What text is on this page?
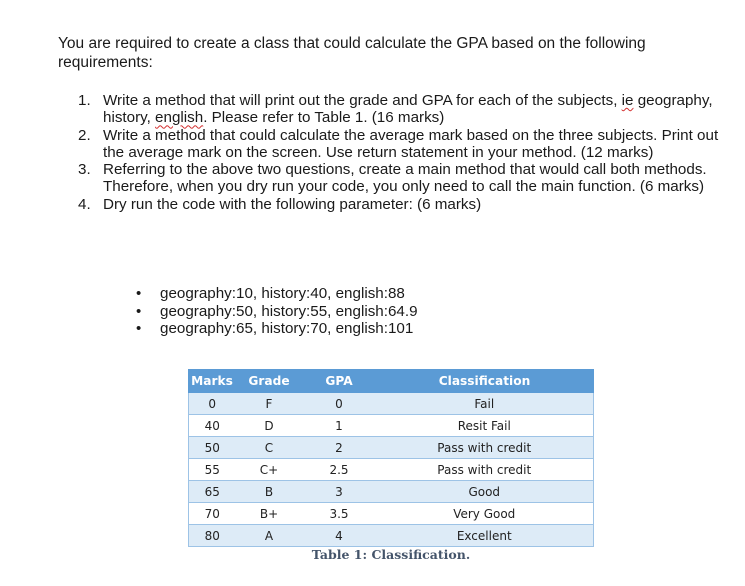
You are required to create a class that could calculate the GPA based on the following requirements:

1. Write a method that will print out the grade and GPA for each of the subjects, ie geography, history, english. Please refer to Table 1. (16 marks)
2. Write a method that could calculate the average mark based on the three subjects. Print out the average mark on the screen. Use return statement in your method. (12 marks)
3. Referring to the above two questions, create a main method that would call both methods. Therefore, when you dry run your code, you only need to call the main function. (6 marks)
4. Dry run the code with the following parameter: (6 marks)
• geography:10, history:40, english:88
• geography:50, history:55, english:64.9
• geography:65, history:70, english:101
Marks	Grade	GPA	Classification
0	F	0	Fail
40	D	1	Resit Fail
50	C	2	Pass with credit
55	C+	2.5	Pass with credit
65	B	3	Good
70	B+	3.5	Very Good
80	A	4	Excellent
Table 1: Classification.
